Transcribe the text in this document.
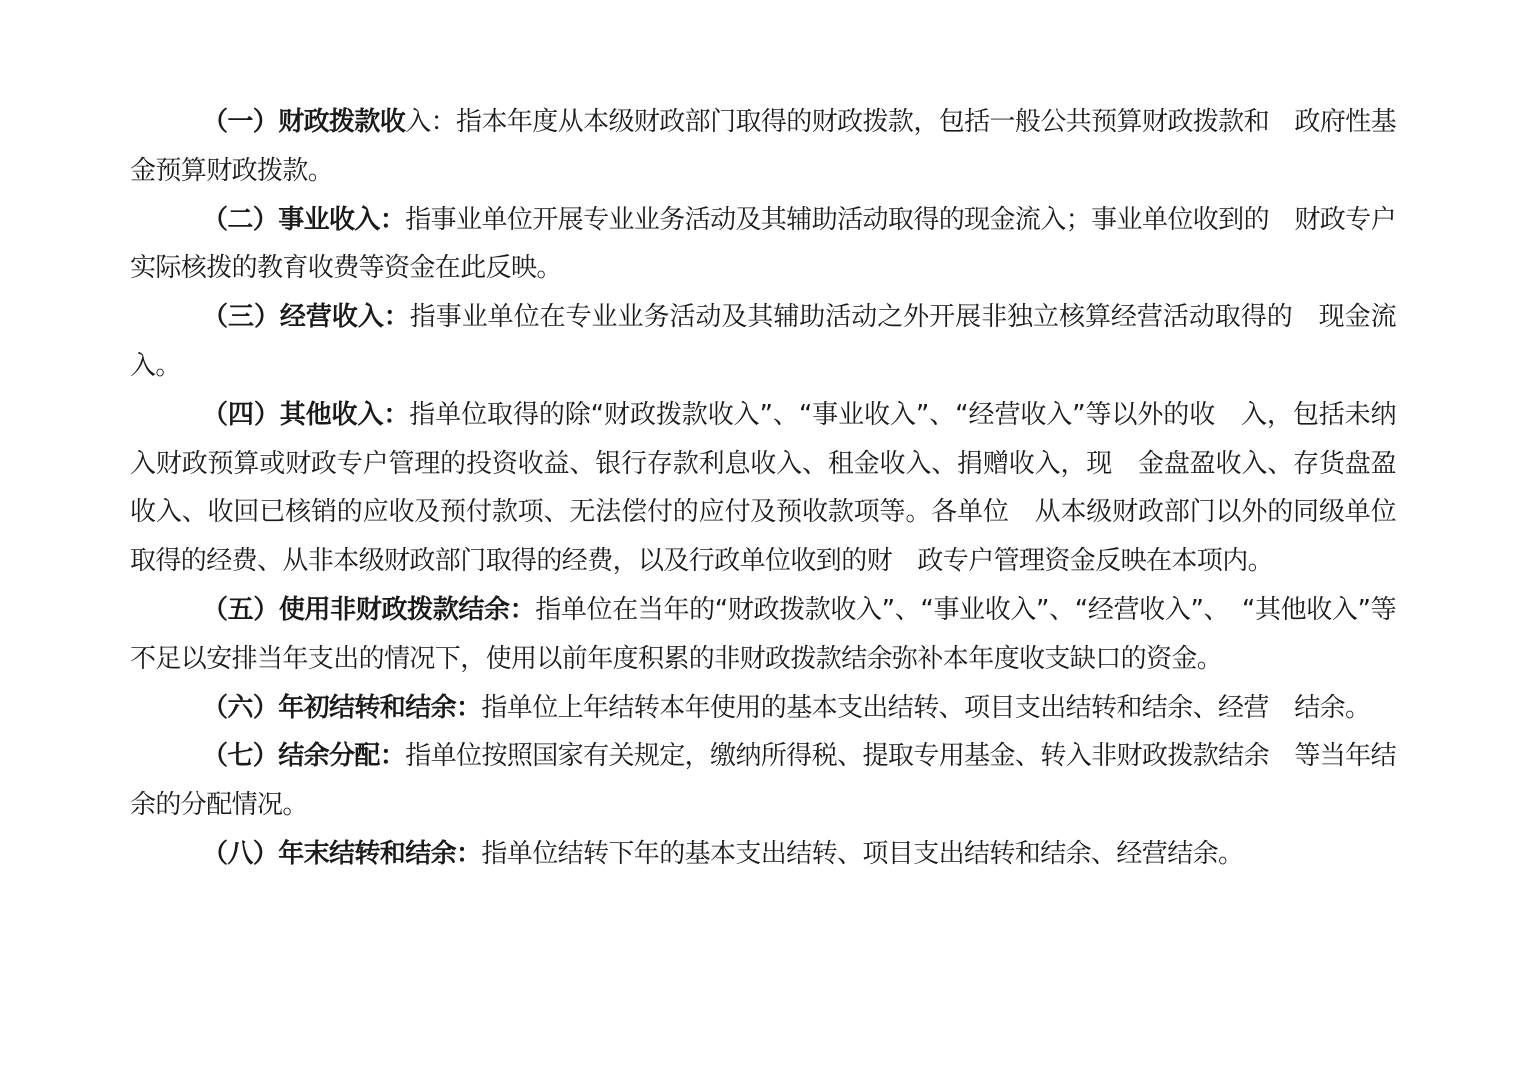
（一）财政拨款收入：指本年度从本级财政部门取得的财政拨款，包括一般公共预算财政拨款和　政府性基金预算财政拨款。

（二）事业收入：指事业单位开展专业业务活动及其辅助活动取得的现金流入；事业单位收到的　财政专户实际核拨的教育收费等资金在此反映。

（三）经营收入：指事业单位在专业业务活动及其辅助活动之外开展非独立核算经营活动取得的　现金流入。

（四）其他收入：指单位取得的除“财政拨款收入”、“事业收入”、“经营收入”等以外的收　入，包括未纳入财政预算或财政专户管理的投资收益、银行存款利息收入、租金收入、捐赠收入，现　金盘盈收入、存货盘盈收入、收回已核销的应收及预付款项、无法偿付的应付及预收款项等。各单位　从本级财政部门以外的同级单位取得的经费、从非本级财政部门取得的经费，以及行政单位收到的财　政专户管理资金反映在本项内。

（五）使用非财政拨款结余：指单位在当年的“财政拨款收入”、“事业收入”、“经营收入”、　“其他收入”等不足以安排当年支出的情况下，使用以前年度积累的非财政拨款结余弥补本年度收支缺口的资金。

（六）年初结转和结余：指单位上年结转本年使用的基本支出结转、项目支出结转和结余、经营　结余。

（七）结余分配：指单位按照国家有关规定，缴纳所得税、提取专用基金、转入非财政拨款结余　等当年结余的分配情况。

（八）年末结转和结余：指单位结转下年的基本支出结转、项目支出结转和结余、经营结余。
